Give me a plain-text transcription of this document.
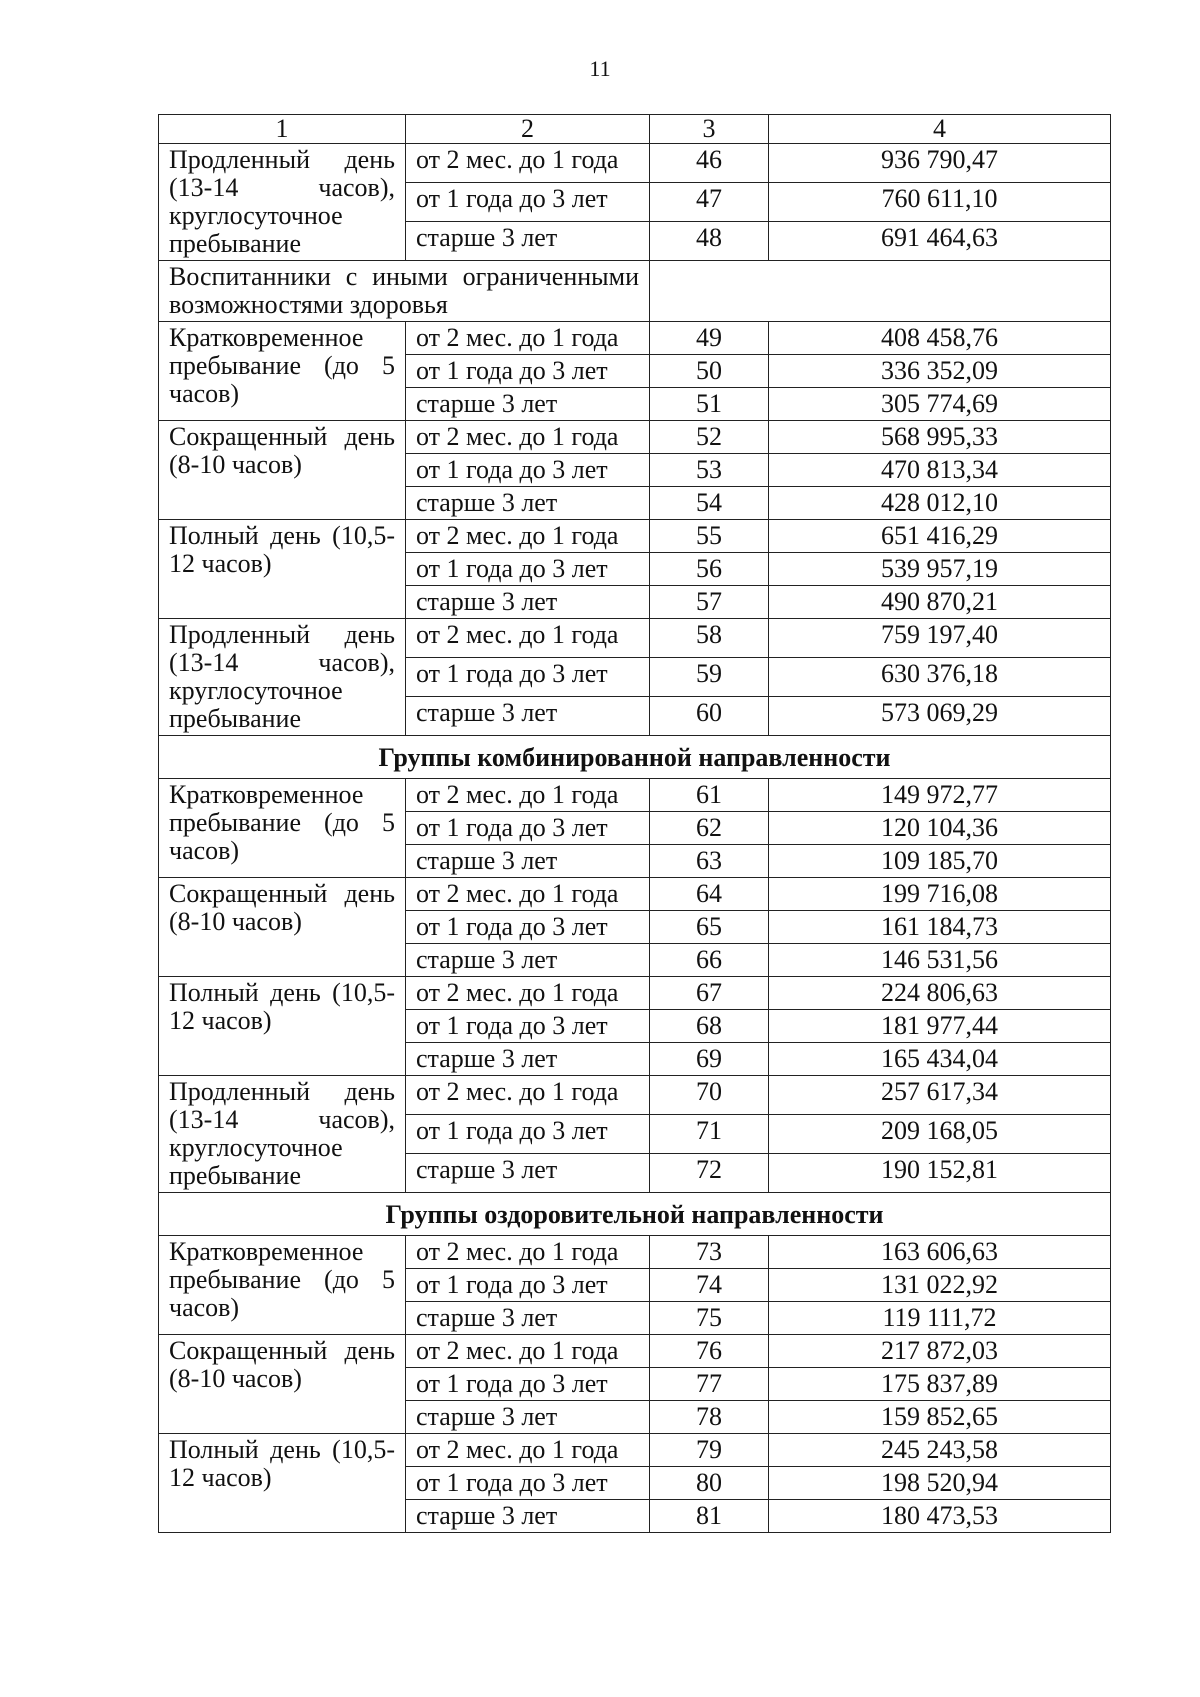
11
1	2	3	4
Продленный день (13-14 часов), круглосуточное пребывание	от 2 мес. до 1 года	46	936 790,47
	от 1 года до 3 лет	47	760 611,10
	старше 3 лет	48	691 464,63
Воспитанники с иными ограниченными возможностями здоровья			
Кратковременное пребывание (до 5 часов)	от 2 мес. до 1 года	49	408 458,76
	от 1 года до 3 лет	50	336 352,09
	старше 3 лет	51	305 774,69
Сокращенный день (8-10 часов)	от 2 мес. до 1 года	52	568 995,33
	от 1 года до 3 лет	53	470 813,34
	старше 3 лет	54	428 012,10
Полный день (10,5-12 часов)	от 2 мес. до 1 года	55	651 416,29
	от 1 года до 3 лет	56	539 957,19
	старше 3 лет	57	490 870,21
Продленный день (13-14 часов), круглосуточное пребывание	от 2 мес. до 1 года	58	759 197,40
	от 1 года до 3 лет	59	630 376,18
	старше 3 лет	60	573 069,29
Группы комбинированной направленности			
Кратковременное пребывание (до 5 часов)	от 2 мес. до 1 года	61	149 972,77
	от 1 года до 3 лет	62	120 104,36
	старше 3 лет	63	109 185,70
Сокращенный день (8-10 часов)	от 2 мес. до 1 года	64	199 716,08
	от 1 года до 3 лет	65	161 184,73
	старше 3 лет	66	146 531,56
Полный день (10,5-12 часов)	от 2 мес. до 1 года	67	224 806,63
	от 1 года до 3 лет	68	181 977,44
	старше 3 лет	69	165 434,04
Продленный день (13-14 часов), круглосуточное пребывание	от 2 мес. до 1 года	70	257 617,34
	от 1 года до 3 лет	71	209 168,05
	старше 3 лет	72	190 152,81
Группы оздоровительной направленности			
Кратковременное пребывание (до 5 часов)	от 2 мес. до 1 года	73	163 606,63
	от 1 года до 3 лет	74	131 022,92
	старше 3 лет	75	119 111,72
Сокращенный день (8-10 часов)	от 2 мес. до 1 года	76	217 872,03
	от 1 года до 3 лет	77	175 837,89
	старше 3 лет	78	159 852,65
Полный день (10,5-12 часов)	от 2 мес. до 1 года	79	245 243,58
	от 1 года до 3 лет	80	198 520,94
	старше 3 лет	81	180 473,53
